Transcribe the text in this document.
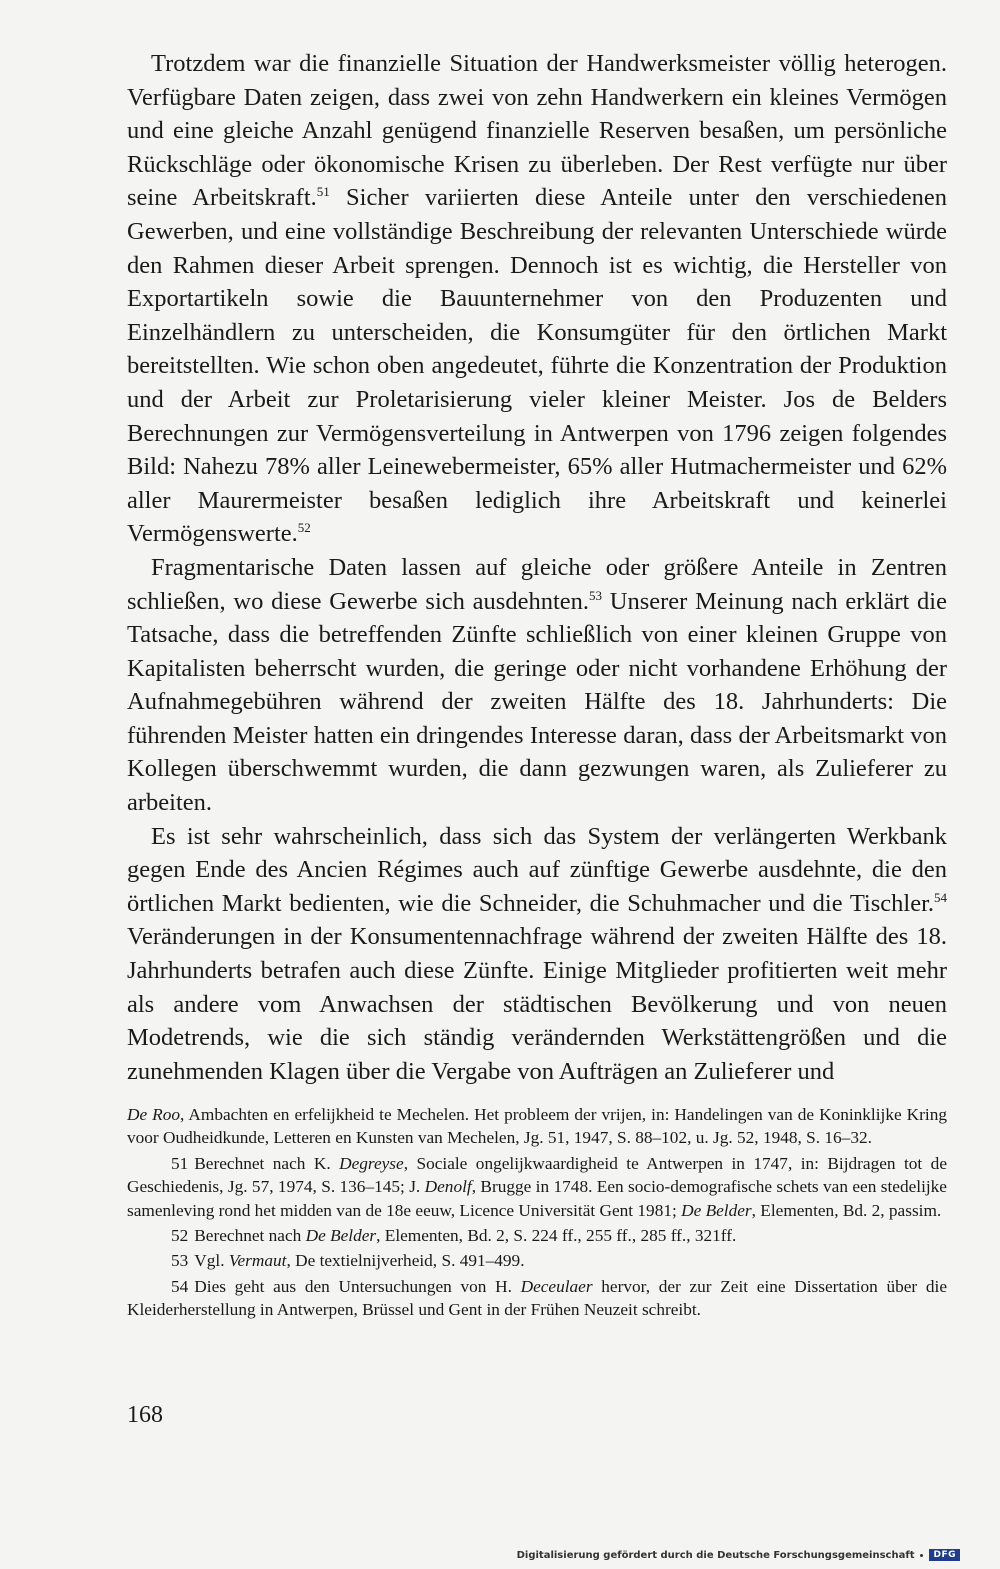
Trotzdem war die finanzielle Situation der Handwerksmeister völlig heterogen. Verfügbare Daten zeigen, dass zwei von zehn Handwerkern ein kleines Vermögen und eine gleiche Anzahl genügend finanzielle Reserven besaßen, um persönliche Rückschläge oder ökonomische Krisen zu überleben. Der Rest verfügte nur über seine Arbeitskraft.$^{51}$ Sicher variierten diese Anteile unter den verschiedenen Gewerben, und eine vollständige Beschreibung der relevanten Unterschiede würde den Rahmen dieser Arbeit sprengen. Dennoch ist es wichtig, die Hersteller von Exportartikeln sowie die Bauunternehmer von den Produzenten und Einzelhändlern zu unterscheiden, die Konsumgüter für den örtlichen Markt bereitstellten. Wie schon oben angedeutet, führte die Konzentration der Produktion und der Arbeit zur Proletarisierung vieler kleiner Meister. Jos de Belders Berechnungen zur Vermögensverteilung in Antwerpen von 1796 zeigen folgendes Bild: Nahezu 78% aller Leinewebermeister, 65% aller Hutmachermeister und 62% aller Maurermeister besaßen lediglich ihre Arbeitskraft und keinerlei Vermögenswerte.$^{52}$

Fragmentarische Daten lassen auf gleiche oder größere Anteile in Zentren schließen, wo diese Gewerbe sich ausdehnten.$^{53}$ Unserer Meinung nach erklärt die Tatsache, dass die betreffenden Zünfte schließlich von einer kleinen Gruppe von Kapitalisten beherrscht wurden, die geringe oder nicht vorhandene Erhöhung der Aufnahmegebühren während der zweiten Hälfte des 18. Jahrhunderts: Die führenden Meister hatten ein dringendes Interesse daran, dass der Arbeitsmarkt von Kollegen überschwemmt wurden, die dann gezwungen waren, als Zulieferer zu arbeiten.

Es ist sehr wahrscheinlich, dass sich das System der verlängerten Werkbank gegen Ende des Ancien Régimes auch auf zünftige Gewerbe ausdehnte, die den örtlichen Markt bedienten, wie die Schneider, die Schuhmacher und die Tischler.$^{54}$ Veränderungen in der Konsumentennachfrage während der zweiten Hälfte des 18. Jahrhunderts betrafen auch diese Zünfte. Einige Mitglieder profitierten weit mehr als andere vom Anwachsen der städtischen Bevölkerung und von neuen Modetrends, wie die sich ständig verändernden Werkstättengrößen und die zunehmenden Klagen über die Vergabe von Aufträgen an Zulieferer und

De Roo, Ambachten en erfelijkheid te Mechelen. Het probleem der vrijen, in: Handelingen van de Koninklijke Kring voor Oudheidkunde, Letteren en Kunsten van Mechelen, Jg. 51, 1947, S. 88–102, u. Jg. 52, 1948, S. 16–32.

51 Berechnet nach K. Degreyse, Sociale ongelijkwaardigheid te Antwerpen in 1747, in: Bijdragen tot de Geschiedenis, Jg. 57, 1974, S. 136–145; J. Denolf, Brugge in 1748. Een socio-demografische schets van een stedelijke samenleving rond het midden van de 18e eeuw, Licence Universität Gent 1981; De Belder, Elementen, Bd. 2, passim.

52 Berechnet nach De Belder, Elementen, Bd. 2, S. 224 ff., 255 ff., 285 ff., 321ff.

53 Vgl. Vermaut, De textielnijverheid, S. 491–499.

54 Dies geht aus den Untersuchungen von H. Deceulaer hervor, der zur Zeit eine Dissertation über die Kleiderherstellung in Antwerpen, Brüssel und Gent in der Frühen Neuzeit schreibt.

168
Digitalisierung gefördert durch die Deutsche Forschungsgemeinschaft	DFG
